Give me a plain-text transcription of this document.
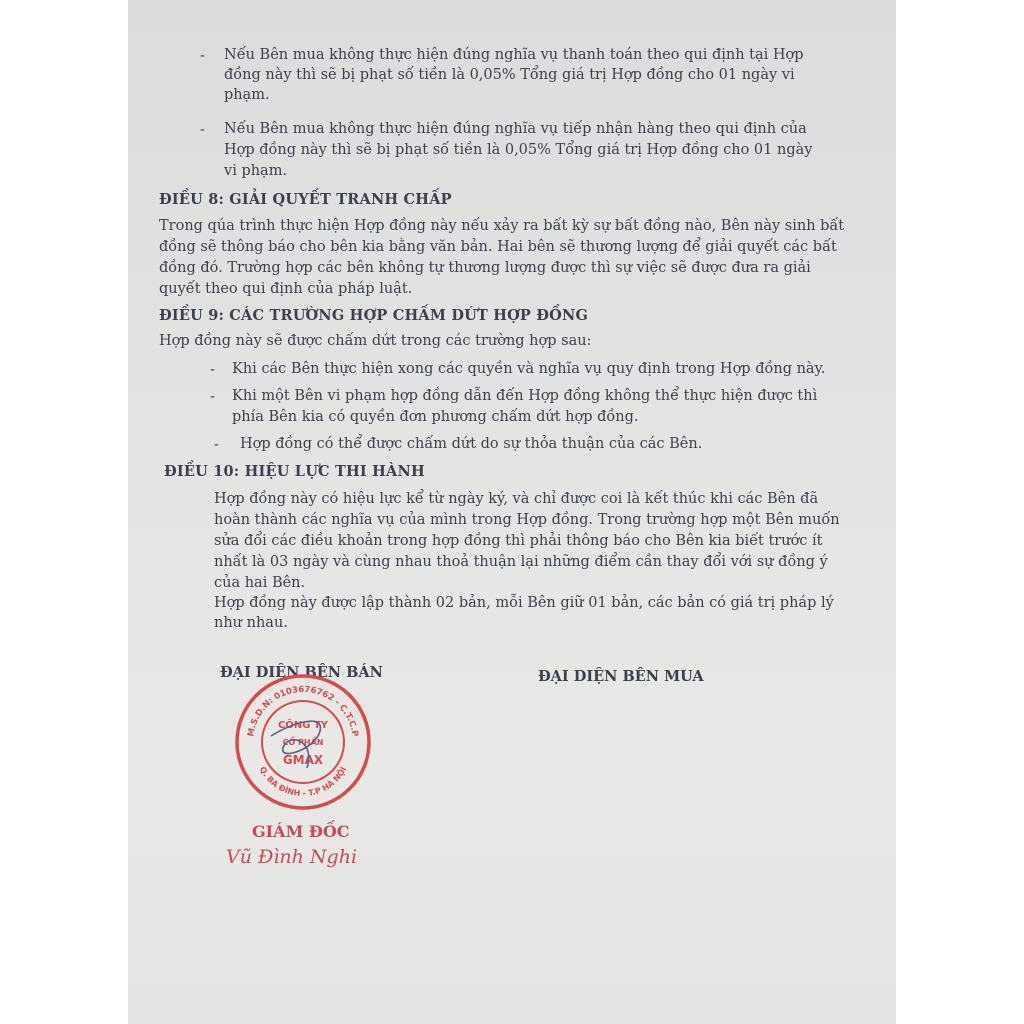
- Nếu Bên mua không thực hiện đúng nghĩa vụ thanh toán theo qui định tại Hợp
đồng này thì sẽ bị phạt số tiền là 0,05% Tổng giá trị Hợp đồng cho 01 ngày vi
phạm.
- Nếu Bên mua không thực hiện đúng nghĩa vụ tiếp nhận hàng theo qui định của
Hợp đồng này thì sẽ bị phạt số tiền là 0,05% Tổng giá trị Hợp đồng cho 01 ngày
vi phạm.
ĐIỀU 8: GIẢI QUYẾT TRANH CHẤP
Trong qúa trình thực hiện Hợp đồng này nếu xảy ra bất kỳ sự bất đồng nào, Bên này sinh bất
đồng sẽ thông báo cho bên kia bằng văn bản. Hai bên sẽ thương lượng để giải quyết các bất
đồng đó. Trường hợp các bên không tự thương lượng được thì sự việc sẽ được đưa ra giải
quyết theo qui định của pháp luật.
ĐIỀU 9: CÁC TRƯỜNG HỢP CHẤM DỨT HỢP ĐỒNG
Hợp đồng này sẽ được chấm dứt trong các trường hợp sau:
- Khi các Bên thực hiện xong các quyền và nghĩa vụ quy định trong Hợp đồng này.
- Khi một Bên vi phạm hợp đồng dẫn đến Hợp đồng không thể thực hiện được thì
phía Bên kia có quyền đơn phương chấm dứt hợp đồng.
- Hợp đồng có thể được chấm dứt do sự thỏa thuận của các Bên.
ĐIỀU 10: HIỆU LỰC THI HÀNH
Hợp đồng này có hiệu lực kể từ ngày ký, và chỉ được coi là kết thúc khi các Bên đã
hoàn thành các nghĩa vụ của mình trong Hợp đồng. Trong trường hợp một Bên muốn
sửa đổi các điều khoản trong hợp đồng thì phải thông báo cho Bên kia biết trước ít
nhất là 03 ngày và cùng nhau thoả thuận lại những điểm cần thay đổi với sự đồng ý
của hai Bên.
Hợp đồng này được lập thành 02 bản, mỗi Bên giữ 01 bản, các bản có giá trị pháp lý
như nhau.
ĐẠI DIỆN BÊN BÁN	ĐẠI DIỆN BÊN MUA
M.S.D.N: 0103676762 - C.T.C.P
Q. BA ĐÌNH - T.P HÀ NỘI
CÔNG TY
CỔ PHẦN
GMAX
GIÁM ĐỐC
Vũ Đình Nghi
